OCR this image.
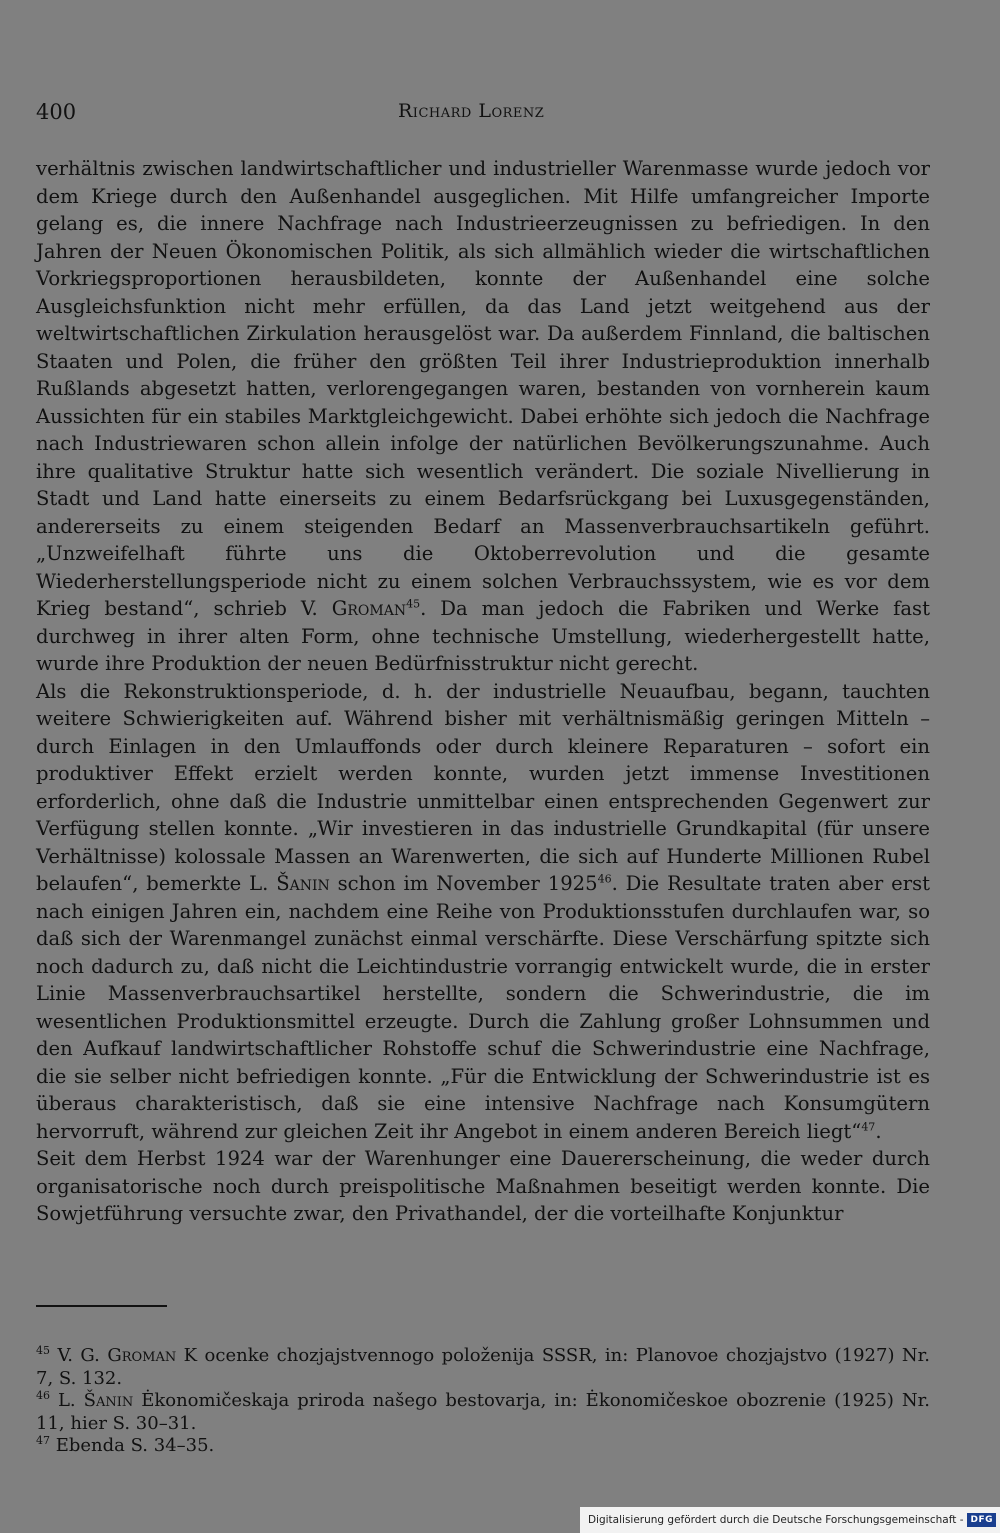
400	Richard Lorenz

verhältnis zwischen landwirtschaftlicher und industrieller Warenmasse wurde jedoch vor dem Kriege durch den Außenhandel ausgeglichen. Mit Hilfe umfangreicher Importe gelang es, die innere Nachfrage nach Industrieerzeugnissen zu befriedigen. In den Jahren der Neuen Ökonomischen Politik, als sich allmählich wieder die wirtschaftlichen Vorkriegsproportionen herausbildeten, konnte der Außenhandel eine solche Ausgleichsfunktion nicht mehr erfüllen, da das Land jetzt weitgehend aus der weltwirtschaftlichen Zirkulation herausgelöst war. Da außerdem Finnland, die baltischen Staaten und Polen, die früher den größten Teil ihrer Industrieproduktion innerhalb Rußlands abgesetzt hatten, verlorengegangen waren, bestanden von vornherein kaum Aussichten für ein stabiles Marktgleichgewicht. Dabei erhöhte sich jedoch die Nachfrage nach Industriewaren schon allein infolge der natürlichen Bevölkerungszunahme. Auch ihre qualitative Struktur hatte sich wesentlich verändert. Die soziale Nivellierung in Stadt und Land hatte einerseits zu einem Bedarfsrückgang bei Luxusgegenständen, andererseits zu einem steigenden Bedarf an Massenverbrauchsartikeln geführt. „Unzweifelhaft führte uns die Oktoberrevolution und die gesamte Wiederherstellungsperiode nicht zu einem solchen Verbrauchssystem, wie es vor dem Krieg bestand“, schrieb V. Groman$^{45}$. Da man jedoch die Fabriken und Werke fast durchweg in ihrer alten Form, ohne technische Umstellung, wiederhergestellt hatte, wurde ihre Produktion der neuen Bedürfnisstruktur nicht gerecht.

Als die Rekonstruktionsperiode, d. h. der industrielle Neuaufbau, begann, tauchten weitere Schwierigkeiten auf. Während bisher mit verhältnismäßig geringen Mitteln – durch Einlagen in den Umlauffonds oder durch kleinere Reparaturen – sofort ein produktiver Effekt erzielt werden konnte, wurden jetzt immense Investitionen erforderlich, ohne daß die Industrie unmittelbar einen entsprechenden Gegenwert zur Verfügung stellen konnte. „Wir investieren in das industrielle Grundkapital (für unsere Verhältnisse) kolossale Massen an Warenwerten, die sich auf Hunderte Millionen Rubel belaufen“, bemerkte L. Šanin schon im November 1925$^{46}$. Die Resultate traten aber erst nach einigen Jahren ein, nachdem eine Reihe von Produktionsstufen durchlaufen war, so daß sich der Warenmangel zunächst einmal verschärfte. Diese Verschärfung spitzte sich noch dadurch zu, daß nicht die Leichtindustrie vorrangig entwickelt wurde, die in erster Linie Massenverbrauchsartikel herstellte, sondern die Schwerindustrie, die im wesentlichen Produktionsmittel erzeugte. Durch die Zahlung großer Lohnsummen und den Aufkauf landwirtschaftlicher Rohstoffe schuf die Schwerindustrie eine Nachfrage, die sie selber nicht befriedigen konnte. „Für die Entwicklung der Schwerindustrie ist es überaus charakteristisch, daß sie eine intensive Nachfrage nach Konsumgütern hervorruft, während zur gleichen Zeit ihr Angebot in einem anderen Bereich liegt“$^{47}$.

Seit dem Herbst 1924 war der Warenhunger eine Dauererscheinung, die weder durch organisatorische noch durch preispolitische Maßnahmen beseitigt werden konnte. Die Sowjetführung versuchte zwar, den Privathandel, der die vorteilhafte Konjunktur

$^{45}$ V. G. Groman K ocenke chozjajstvennogo položenija SSSR, in: Planovoe chozjajstvo (1927) Nr. 7, S. 132.

$^{46}$ L. Šanin Ėkonomičeskaja priroda našego bestovarja, in: Ėkonomičeskoe obozrenie (1925) Nr. 11, hier S. 30–31.

$^{47}$ Ebenda S. 34–35.

Digitalisierung gefördert durch die Deutsche Forschungsgemeinschaft - DFG
